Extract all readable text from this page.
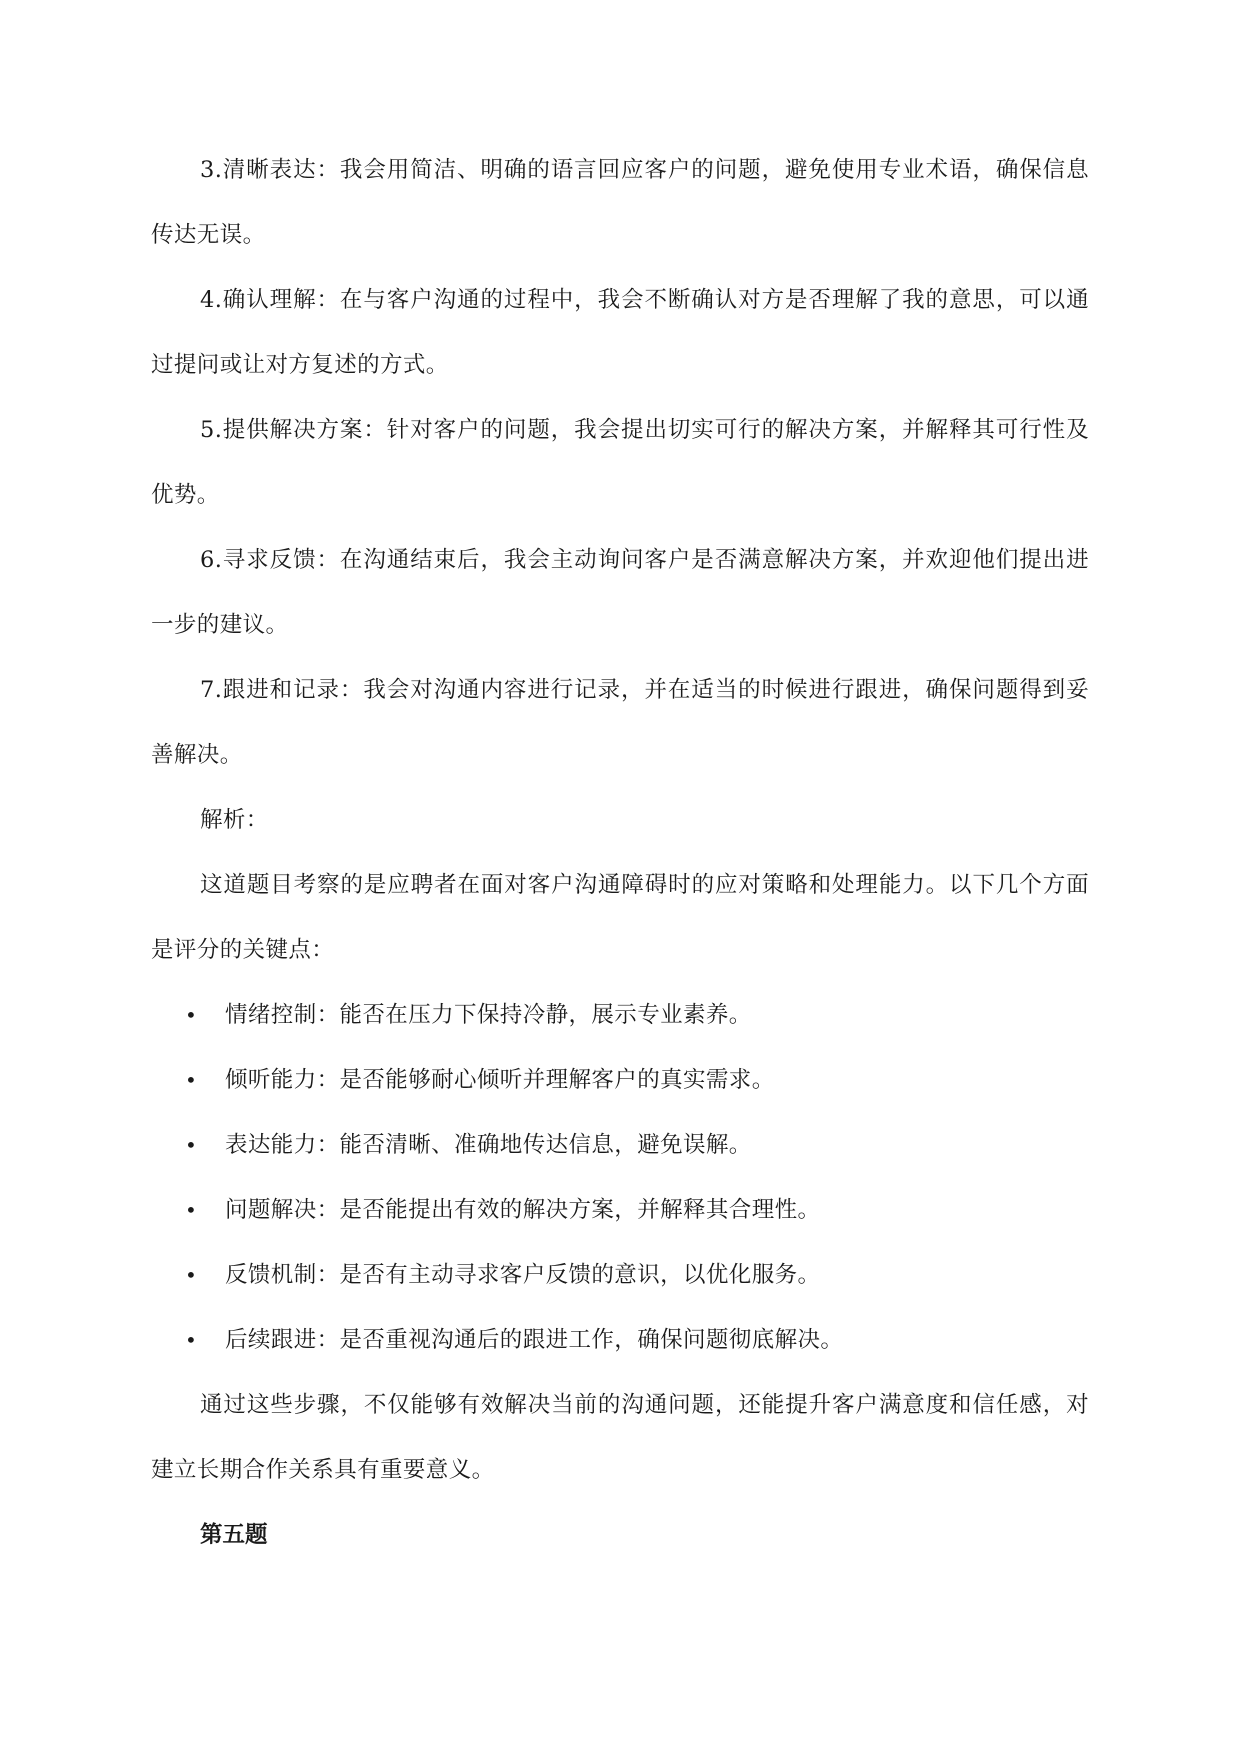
3.清晰表达：我会用简洁、明确的语言回应客户的问题，避免使用专业术语，确保信息传达无误。

4.确认理解：在与客户沟通的过程中，我会不断确认对方是否理解了我的意思，可以通过提问或让对方复述的方式。

5.提供解决方案：针对客户的问题，我会提出切实可行的解决方案，并解释其可行性及优势。

6.寻求反馈：在沟通结束后，我会主动询问客户是否满意解决方案，并欢迎他们提出进一步的建议。

7.跟进和记录：我会对沟通内容进行记录，并在适当的时候进行跟进，确保问题得到妥善解决。

解析：

这道题目考察的是应聘者在面对客户沟通障碍时的应对策略和处理能力。以下几个方面是评分的关键点：

• 情绪控制：能否在压力下保持冷静，展示专业素养。
• 倾听能力：是否能够耐心倾听并理解客户的真实需求。
• 表达能力：能否清晰、准确地传达信息，避免误解。
• 问题解决：是否能提出有效的解决方案，并解释其合理性。
• 反馈机制：是否有主动寻求客户反馈的意识，以优化服务。
• 后续跟进：是否重视沟通后的跟进工作，确保问题彻底解决。

通过这些步骤，不仅能够有效解决当前的沟通问题，还能提升客户满意度和信任感，对建立长期合作关系具有重要意义。

第五题
